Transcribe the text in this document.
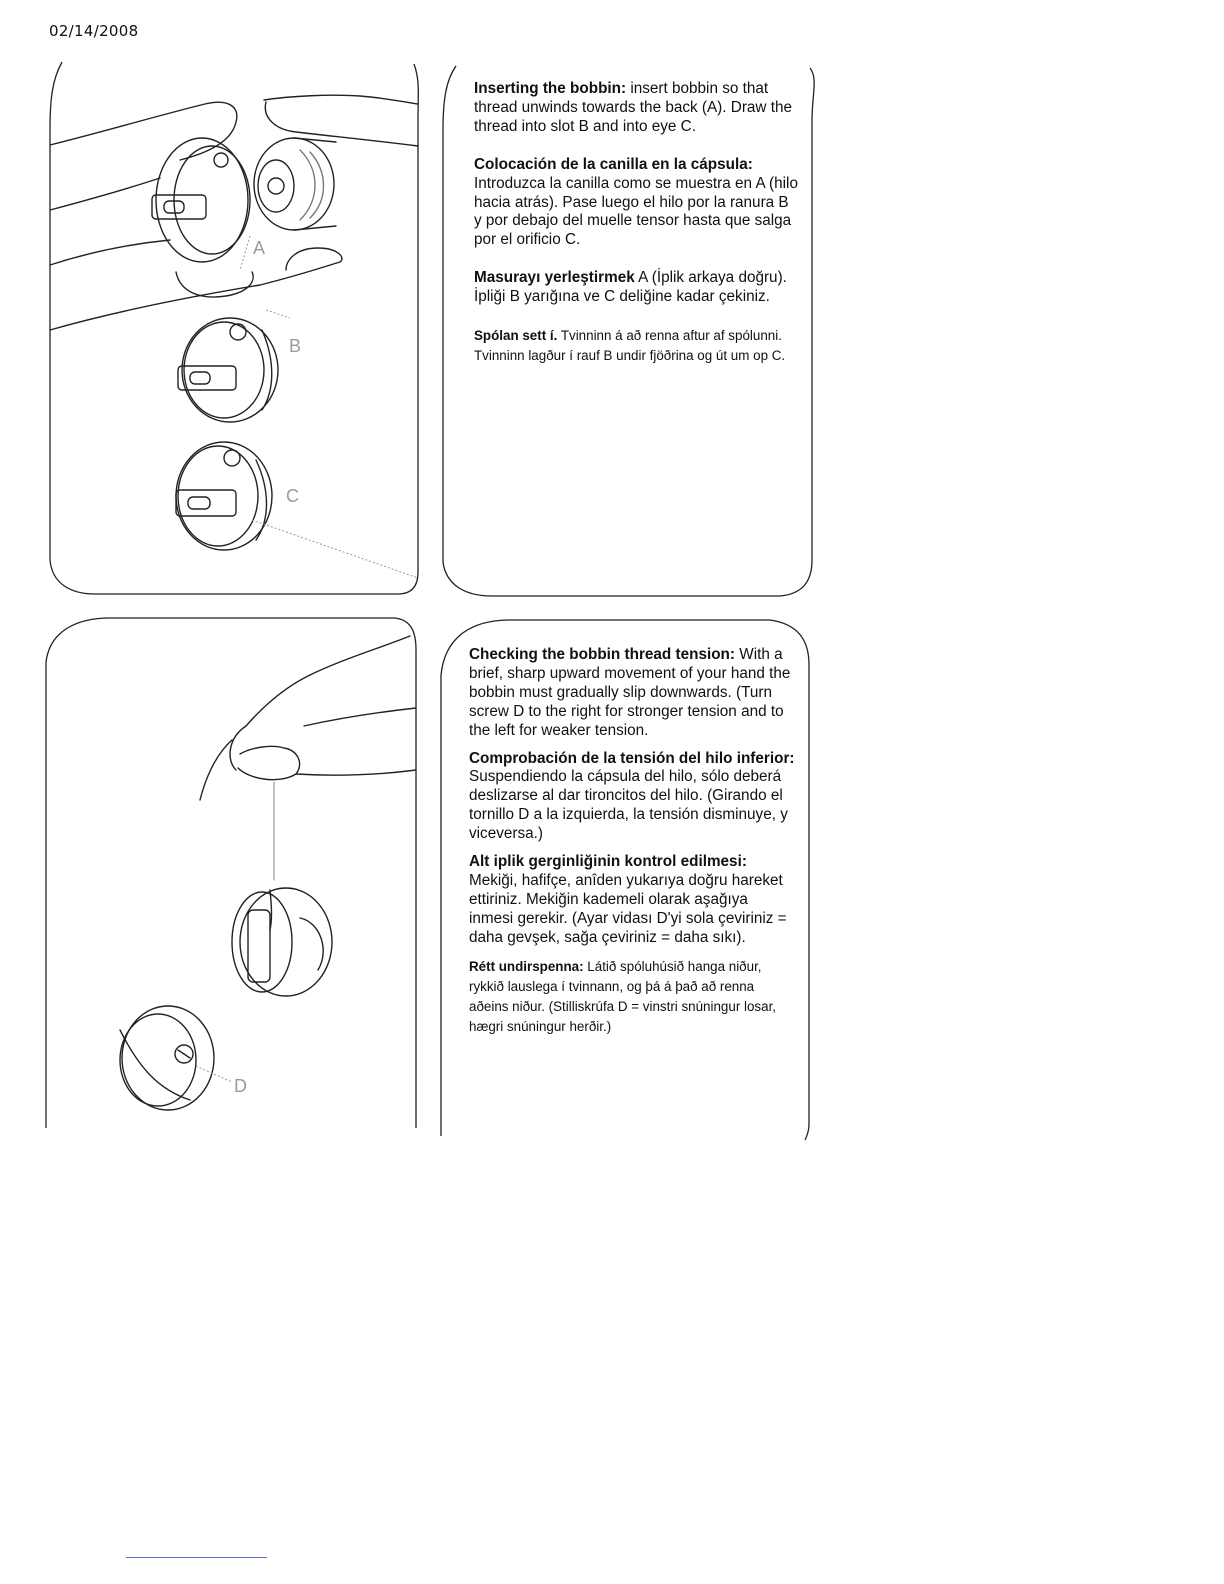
02/14/2008
A
B
C
D

Inserting the bobbin: insert bobbin so that thread unwinds towards the back (A). Draw the thread into slot B and into eye C.

Colocación de la canilla en la cápsula: Introduzca la canilla como se muestra en A (hilo hacia atrás). Pase luego el hilo por la ranura B y por debajo del muelle tensor hasta que salga por el orificio C.

Masurayı yerleştirmek A (İplik arkaya doğru). İpliği B yarığına ve C deliğine kadar çekiniz.

Spólan sett í. Tvinninn á að renna aftur af spólunni. Tvinninn lagður í rauf B undir fjöðrina og út um op C.

Checking the bobbin thread tension: With a brief, sharp upward movement of your hand the bobbin must gradually slip downwards. (Turn screw D to the right for stronger tension and to the left for weaker tension.

Comprobación de la tensión del hilo inferior: Suspendiendo la cápsula del hilo, sólo deberá deslizarse al dar tironcitos del hilo. (Girando el tornillo D a la izquierda, la tensión disminuye, y viceversa.)

Alt iplik gerginliğinin kontrol edilmesi: Mekiği, hafifçe, anîden yukarıya doğru hareket ettiriniz. Mekiğin kademeli olarak aşağıya inmesi gerekir. (Ayar vidası D'yi sola çeviriniz = daha gevşek, sağa çeviriniz = daha sıkı).

Rétt undirspenna: Látið spóluhúsið hanga niður, rykkið lauslega í tvinnann, og þá á það að renna aðeins niður. (Stilliskrúfa D = vinstri snúningur losar, hægri snúningur herðir.)
